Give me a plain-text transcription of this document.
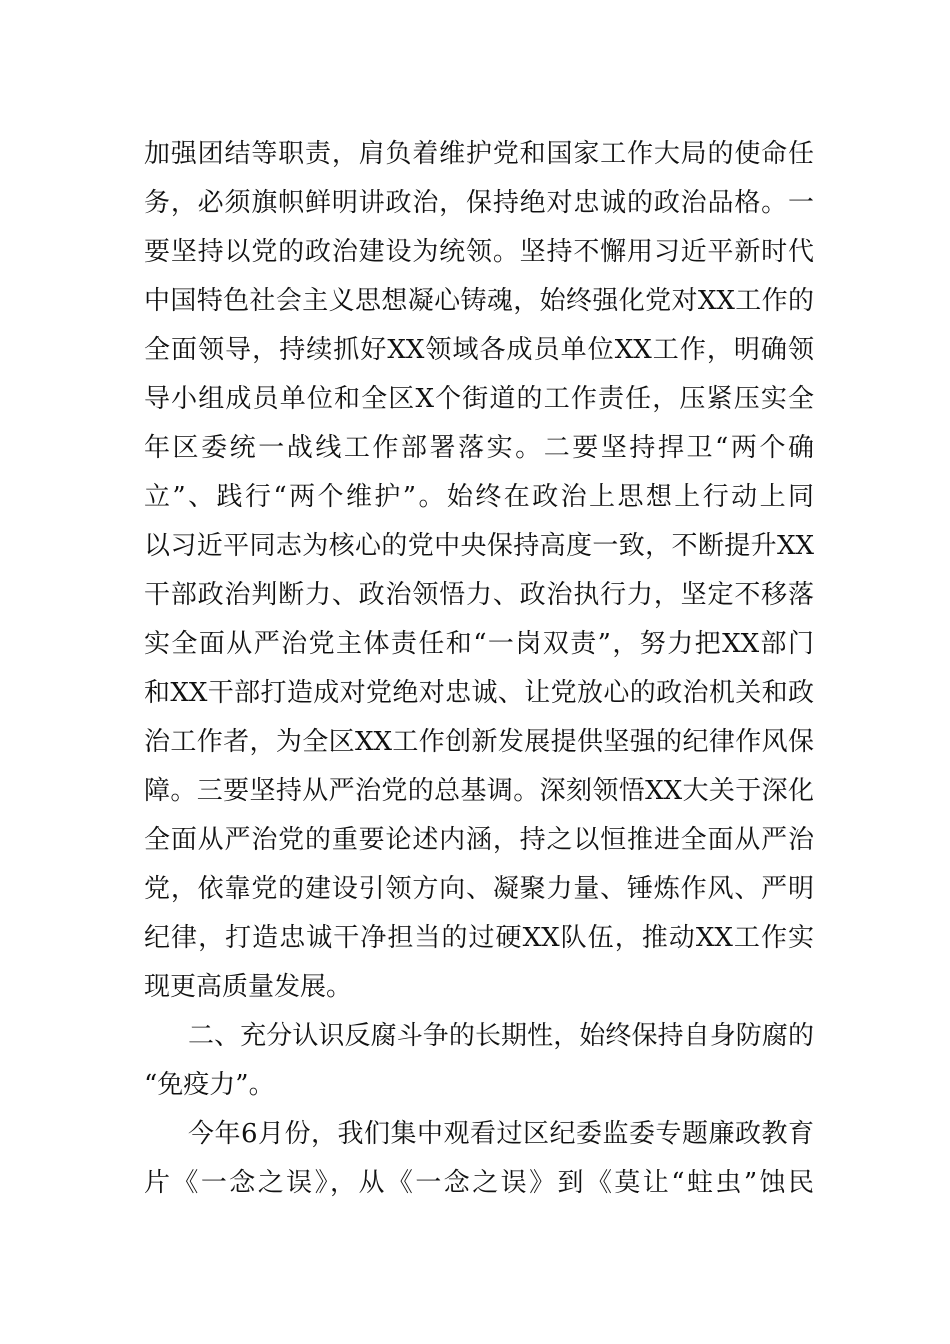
加强团结等职责，肩负着维护党和国家工作大局的使命任
务，必须旗帜鲜明讲政治，保持绝对忠诚的政治品格。一
要坚持以党的政治建设为统领。坚持不懈用习近平新时代
中国特色社会主义思想凝心铸魂，始终强化党对XX工作的
全面领导，持续抓好XX领域各成员单位XX工作，明确领
导小组成员单位和全区X个街道的工作责任，压紧压实全
年区委统一战线工作部署落实。二要坚持捍卫“两个确
立”、践行“两个维护”。始终在政治上思想上行动上同
以习近平同志为核心的党中央保持高度一致，不断提升XX
干部政治判断力、政治领悟力、政治执行力，坚定不移落
实全面从严治党主体责任和“一岗双责”，努力把XX部门
和XX干部打造成对党绝对忠诚、让党放心的政治机关和政
治工作者，为全区XX工作创新发展提供坚强的纪律作风保
障。三要坚持从严治党的总基调。深刻领悟XX大关于深化
全面从严治党的重要论述内涵，持之以恒推进全面从严治
党，依靠党的建设引领方向、凝聚力量、锤炼作风、严明
纪律，打造忠诚干净担当的过硬XX队伍，推动XX工作实
现更高质量发展。
二、充分认识反腐斗争的长期性，始终保持自身防腐的
“免疫力”。
今年6月份，我们集中观看过区纪委监委专题廉政教育
片《一念之误》，从《一念之误》到《莫让“蛀虫”蚀民
